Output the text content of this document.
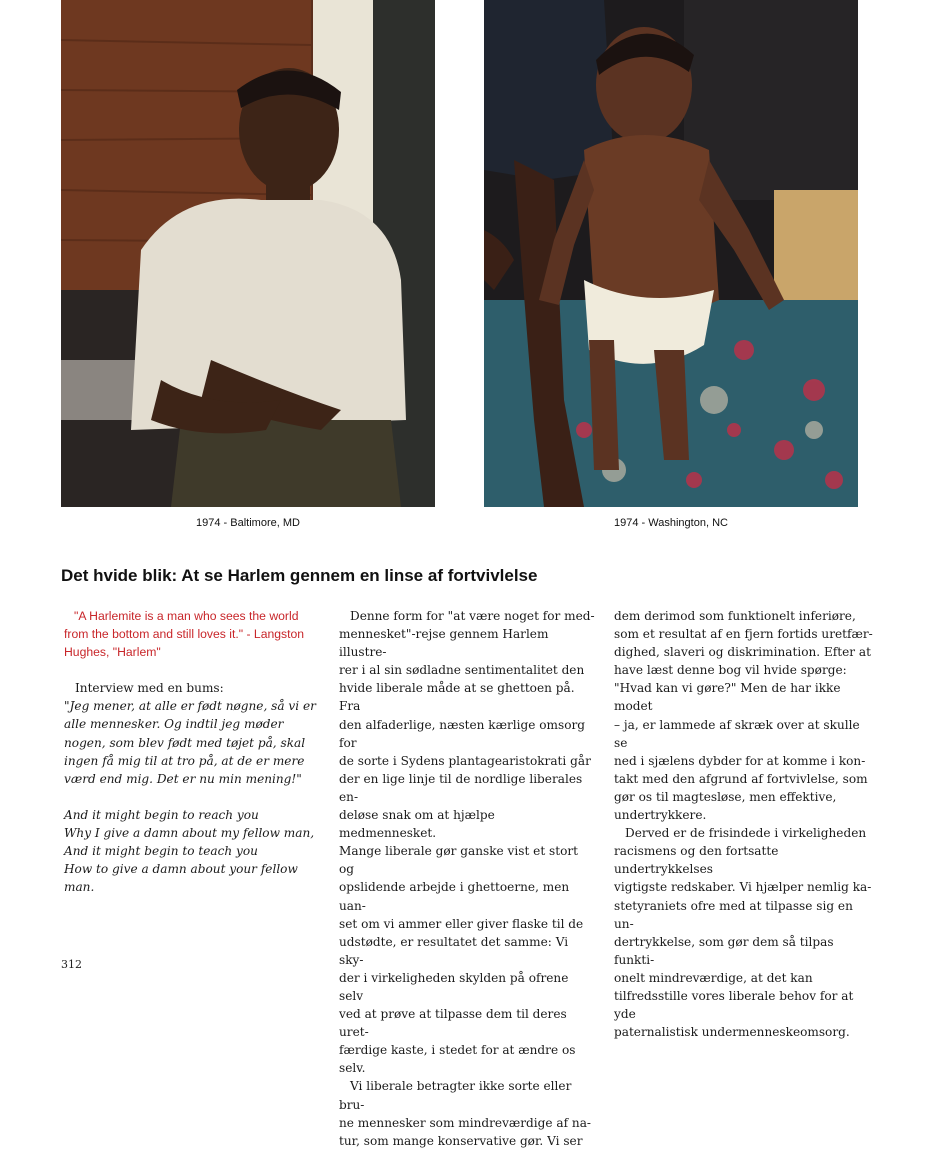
1974 - Baltimore, MD	1974 - Washington, NC
Det hvide blik: At se Harlem gennem en linse af fortvivlelse

"A Harlemite is a man who sees the world from the bottom and still loves it." - Langston Hughes, "Harlem"

Interview med en bums:

"Jeg mener, at alle er født nøgne, så vi er alle mennesker. Og indtil jeg møder nogen, som blev født med tøjet på, skal ingen få mig til at tro på, at de er mere værd end mig. Det er nu min mening!"

And it might begin to reach you
Why I give a damn about my fellow man,
And it might begin to teach you
How to give a damn about your fellow man.

Denne form for "at være noget for med-
mennesket"-rejse gennem Harlem illustre-
rer i al sin sødladne sentimentalitet den
hvide liberale måde at se ghettoen på. Fra
den alfaderlige, næsten kærlige omsorg for
de sorte i Sydens plantagearistokrati går
der en lige linje til de nordlige liberales en-
deløse snak om at hjælpe medmennesket.
Mange liberale gør ganske vist et stort og
opslidende arbejde i ghettoerne, men uan-
set om vi ammer eller giver flaske til de
udstødte, er resultatet det samme: Vi sky-
der i virkeligheden skylden på ofrene selv
ved at prøve at tilpasse dem til deres uret-
færdige kaste, i stedet for at ændre os selv.
Vi liberale betragter ikke sorte eller bru-
ne mennesker som mindreværdige af na-
tur, som mange konservative gør. Vi ser
dem derimod som funktionelt inferiøre,
som et resultat af en fjern fortids uretfær-
dighed, slaveri og diskrimination. Efter at
have læst denne bog vil hvide spørge:
"Hvad kan vi gøre?" Men de har ikke modet
– ja, er lammede af skræk over at skulle se
ned i sjælens dybder for at komme i kon-
takt med den afgrund af fortvivlelse, som
gør os til magtesløse, men effektive,
undertrykkere.
Derved er de frisindede i virkeligheden
racismens og den fortsatte undertrykkelses
vigtigste redskaber. Vi hjælper nemlig ka-
stetyraniets ofre med at tilpasse sig en un-
dertrykkelse, som gør dem så tilpas funkti-
onelt mindreværdige, at det kan
tilfredsstille vores liberale behov for at yde
paternalistisk undermenneskeomsorg.
312
